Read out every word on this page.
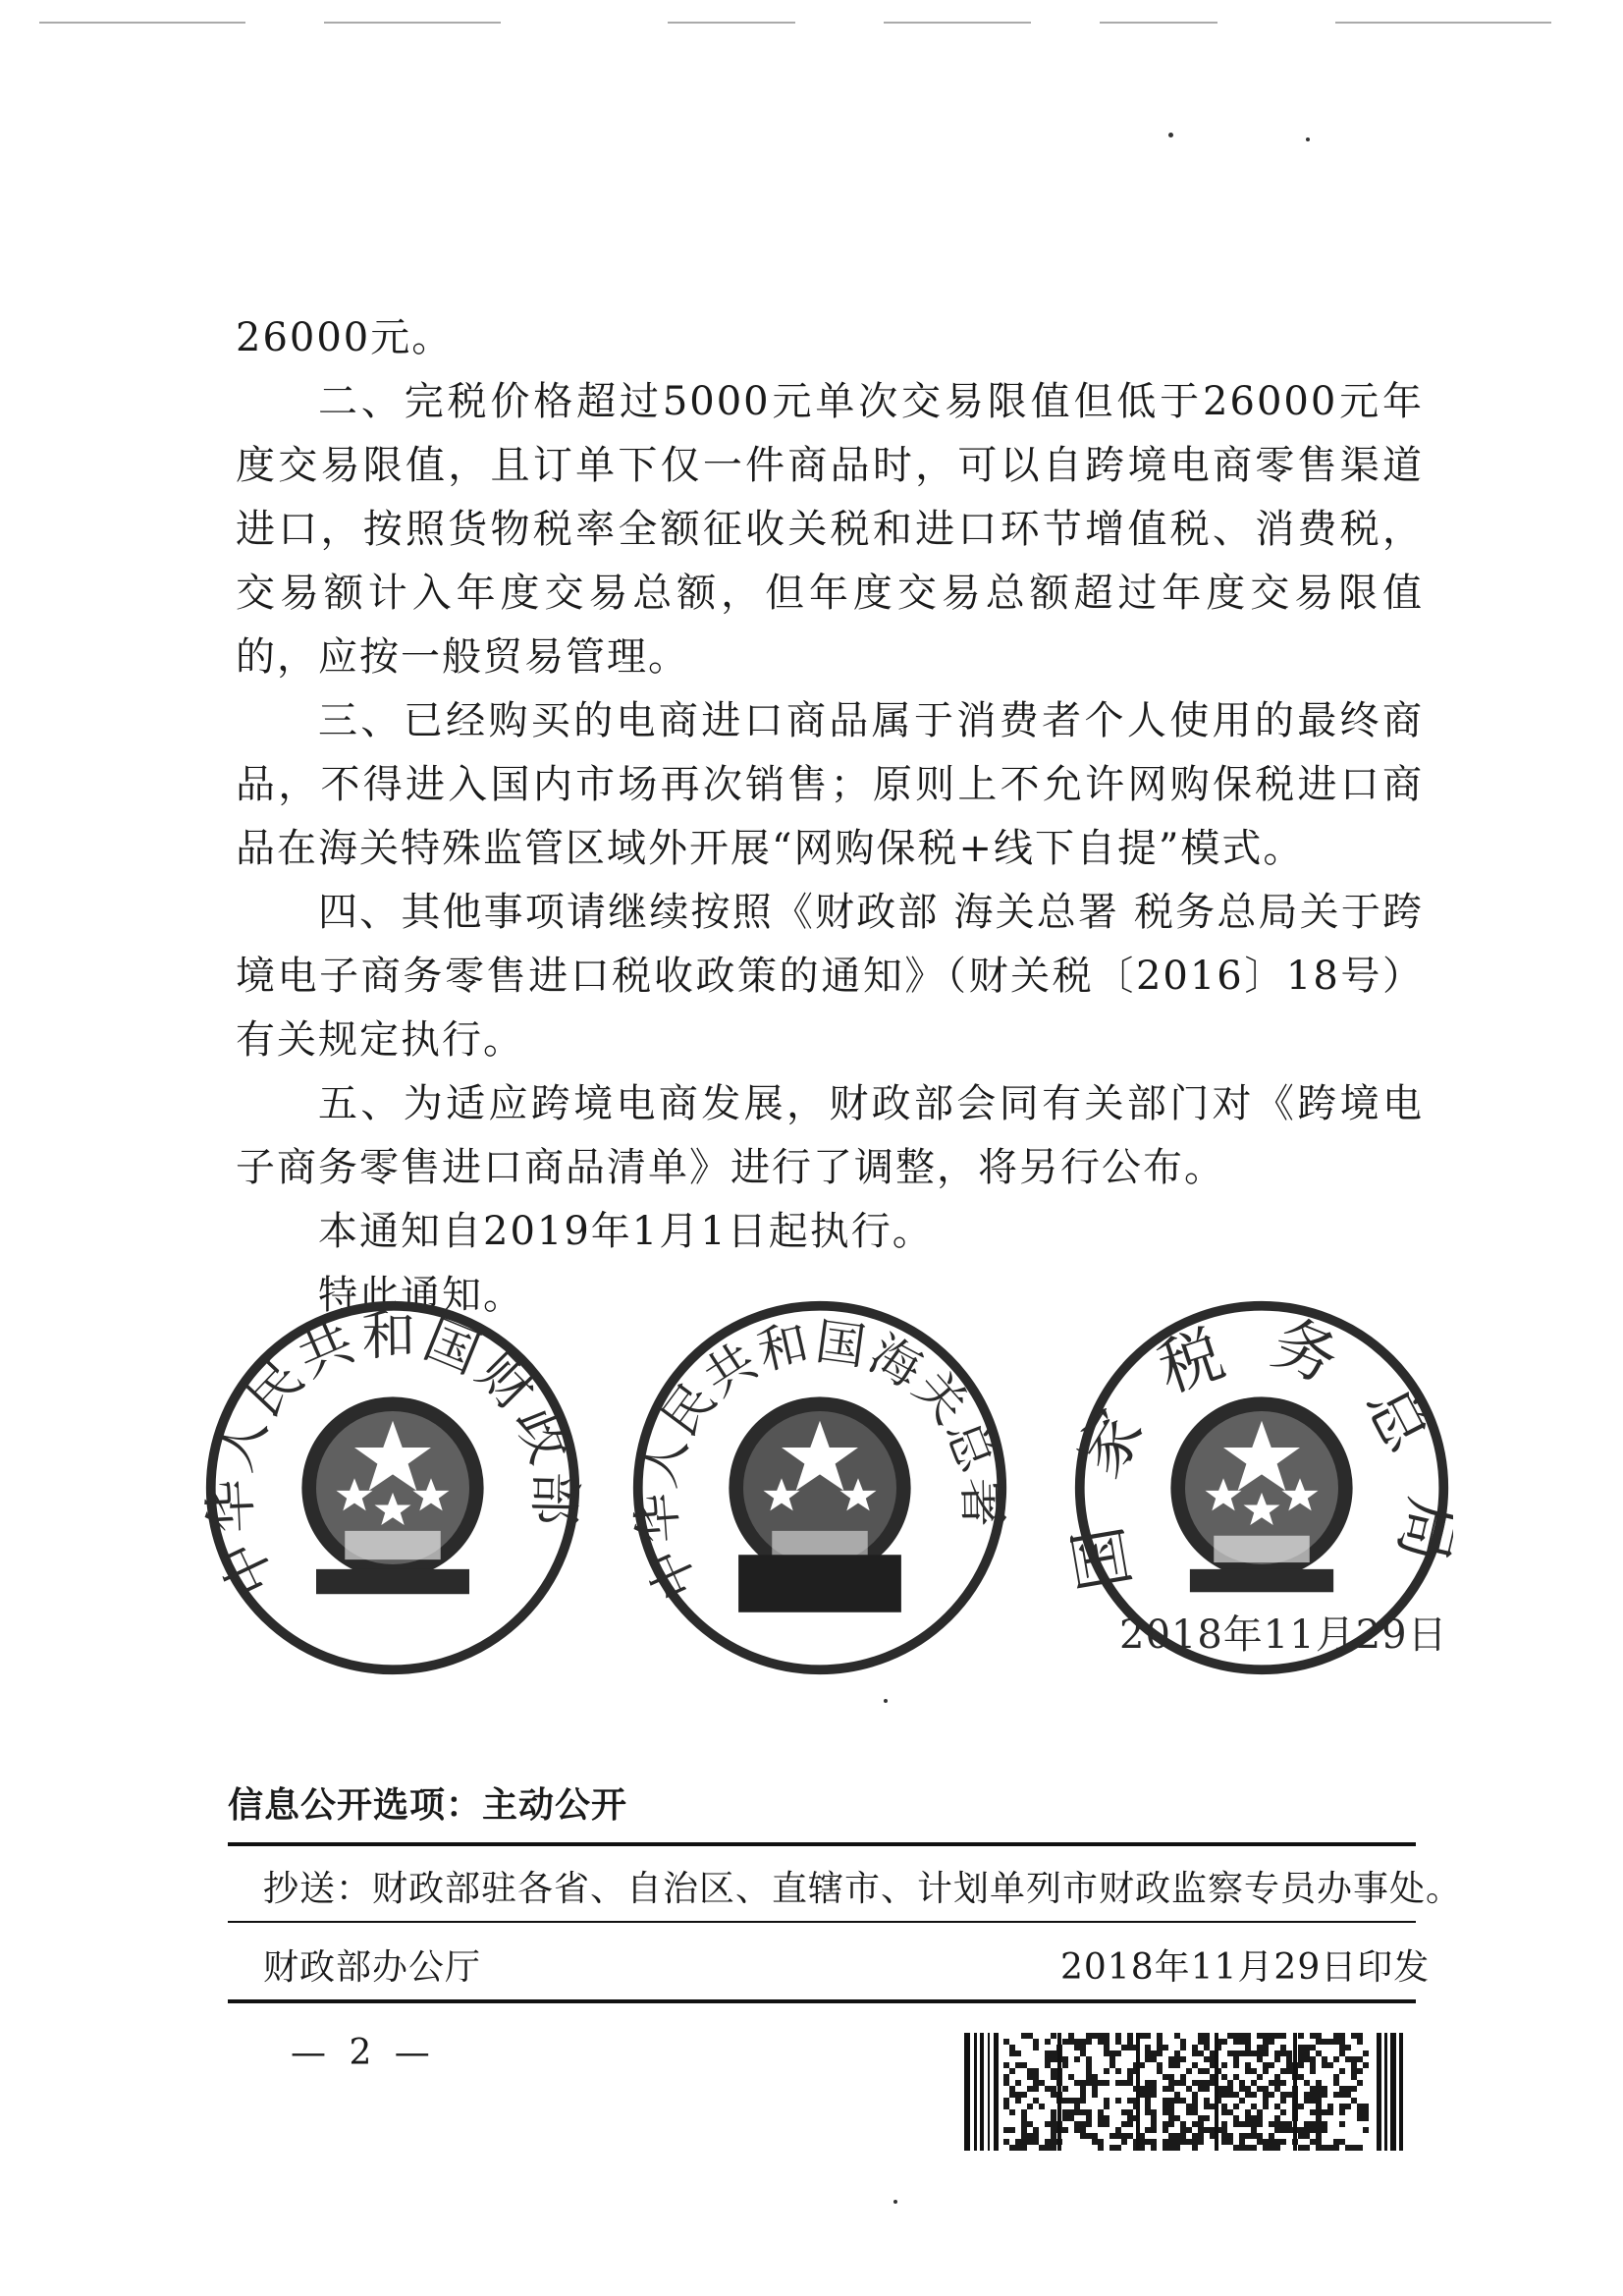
26000元。

二、完税价格超过5000元单次交易限值但低于26000元年度交易限值，且订单下仅一件商品时，可以自跨境电商零售渠道进口，按照货物税率全额征收关税和进口环节增值税、消费税，交易额计入年度交易总额，但年度交易总额超过年度交易限值的，应按一般贸易管理。

三、已经购买的电商进口商品属于消费者个人使用的最终商品，不得进入国内市场再次销售；原则上不允许网购保税进口商品在海关特殊监管区域外开展“网购保税+线下自提”模式。

四、其他事项请继续按照《财政部 海关总署 税务总局关于跨境电子商务零售进口税收政策的通知》（财关税〔2016〕18号）有关规定执行。

五、为适应跨境电商发展，财政部会同有关部门对《跨境电子商务零售进口商品清单》进行了调整，将另行公布。

本通知自2019年1月1日起执行。

特此通知。

中华人民共和国财政部
中华人民共和国海关总署
家税务总
2018年11月29日
信息公开选项：主动公开
抄送：财政部驻各省、自治区、直辖市、计划单列市财政监察专员办事处。
财政部办公厅	2018年11月29日印发
— 2 —
